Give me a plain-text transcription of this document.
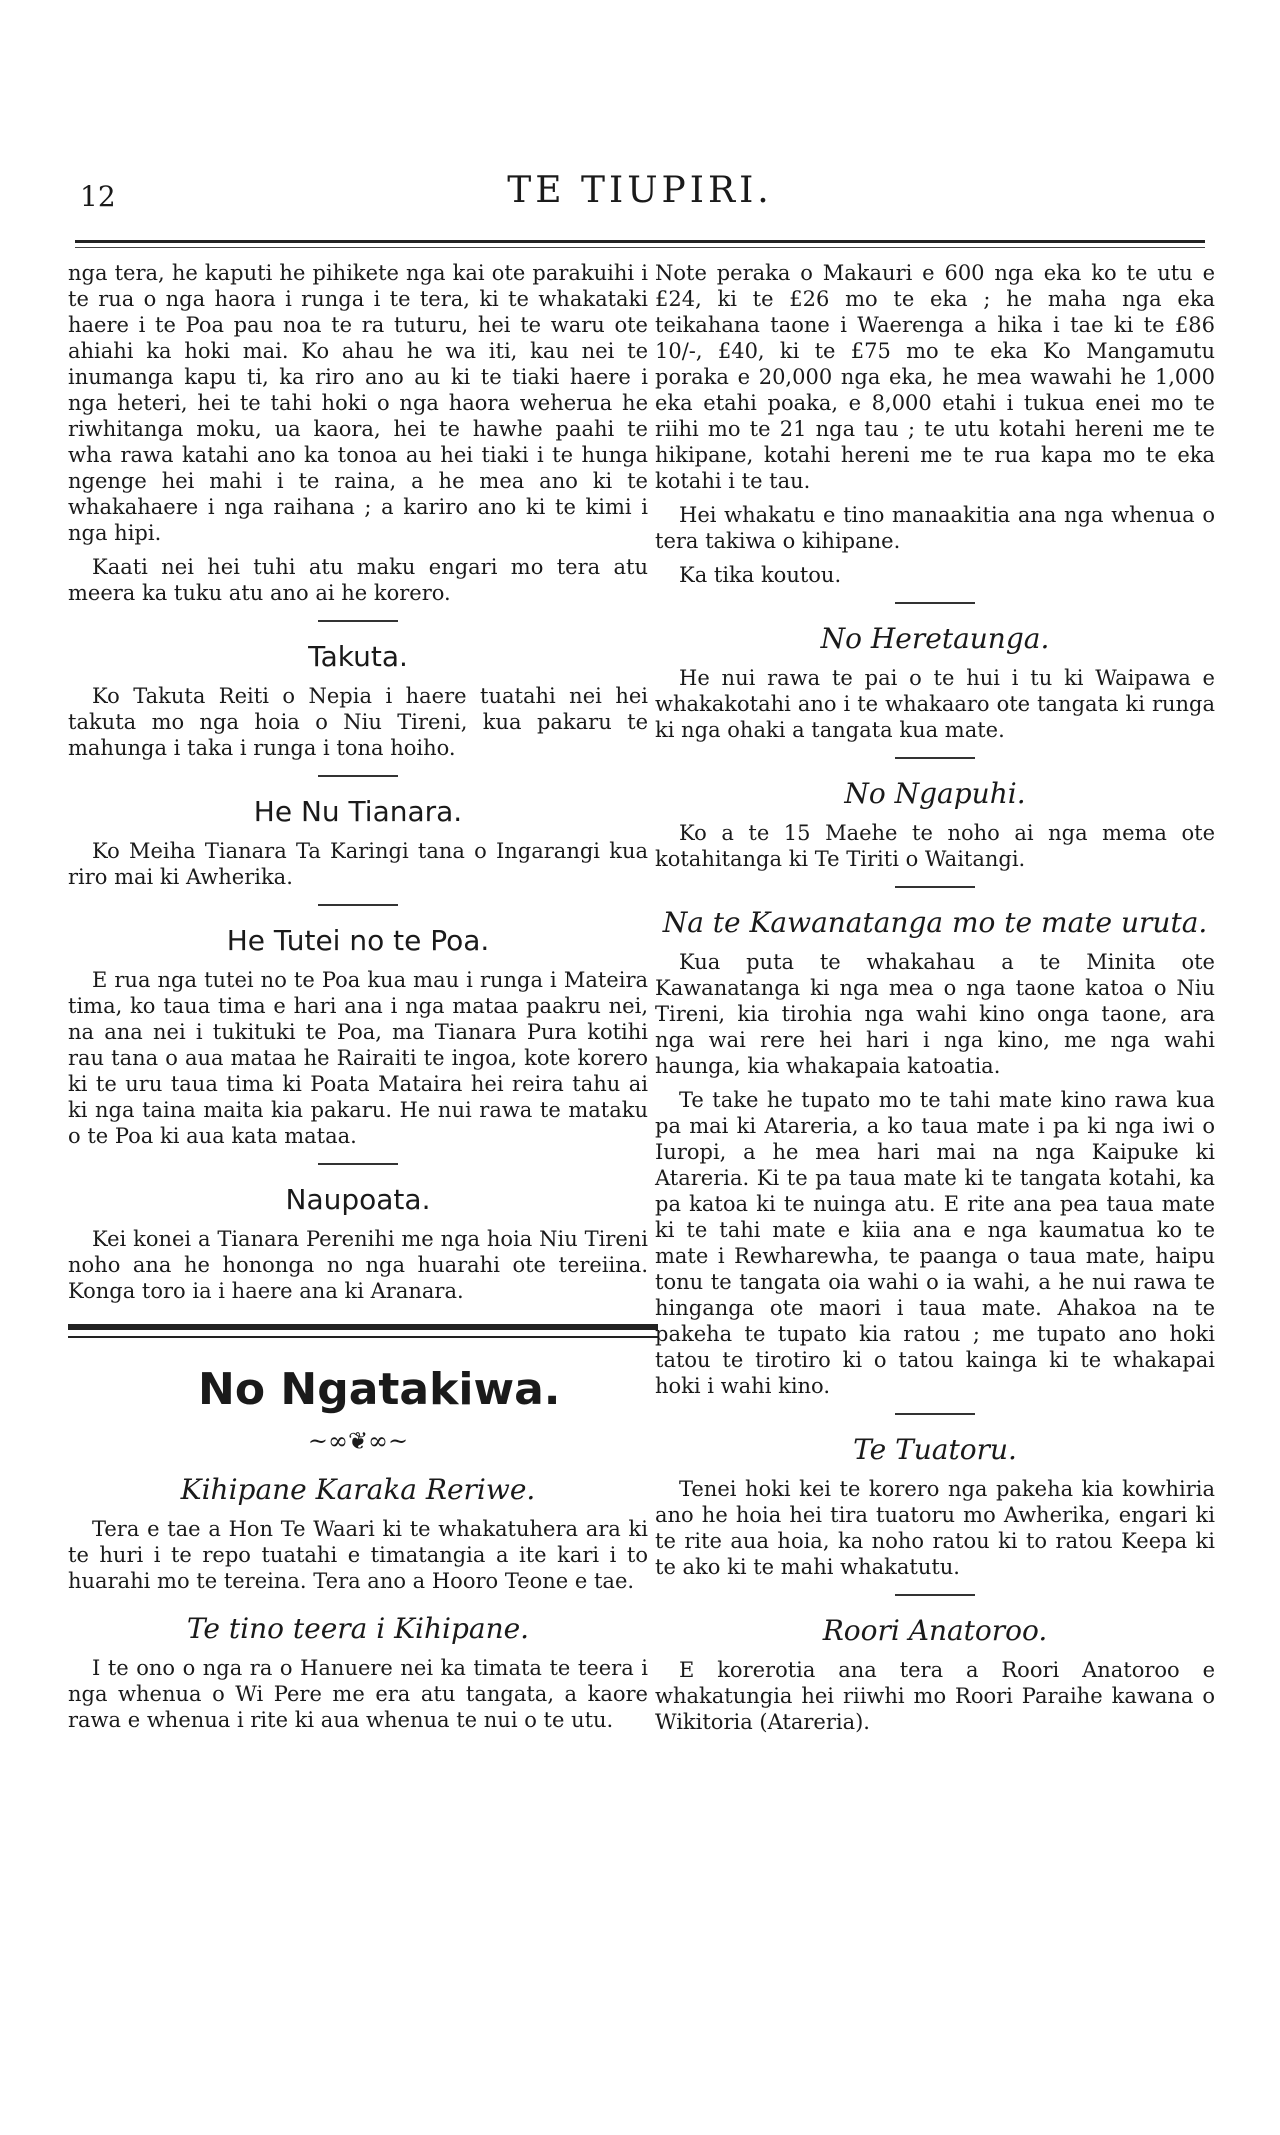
12	TE TIUPIRI.

nga tera, he kaputi he pihikete nga kai ote parakuihi i te rua o nga haora i runga i te tera, ki te whakataki haere i te Poa pau noa te ra tuturu, hei te waru ote ahiahi ka hoki mai. Ko ahau he wa iti, kau nei te inumanga kapu ti, ka riro ano au ki te tiaki haere i nga heteri, hei te tahi hoki o nga haora weherua he riwhitanga moku, ua kaora, hei te hawhe paahi te wha rawa katahi ano ka tonoa au hei tiaki i te hunga ngenge hei mahi i te raina, a he mea ano ki te whakahaere i nga raihana ; a kariro ano ki te kimi i nga hipi.

Kaati nei hei tuhi atu maku engari mo tera atu meera ka tuku atu ano ai he korero.

Takuta.

Ko Takuta Reiti o Nepia i haere tuatahi nei hei takuta mo nga hoia o Niu Tireni, kua pakaru te mahunga i taka i runga i tona hoiho.

He Nu Tianara.

Ko Meiha Tianara Ta Karingi tana o Ingarangi kua riro mai ki Awherika.

He Tutei no te Poa.

E rua nga tutei no te Poa kua mau i runga i Mateira tima, ko taua tima e hari ana i nga mataa paakru nei, na ana nei i tukituki te Poa, ma Tianara Pura kotihi rau tana o aua mataa he Rairaiti te ingoa, kote korero ki te uru taua tima ki Poata Mataira hei reira tahu ai ki nga taina maita kia pakaru. He nui rawa te mataku o te Poa ki aua kata mataa.

Naupoata.

Kei konei a Tianara Perenihi me nga hoia Niu Tireni noho ana he hononga no nga huarahi ote tereiina. Konga toro ia i haere ana ki Aranara.

No Ngatakiwa.
~∞❦∞~
Kihipane Karaka Reriwe.

Tera e tae a Hon Te Waari ki te whakatuhera ara ki te huri i te repo tuatahi e timatangia a ite kari i to huarahi mo te tereina. Tera ano a Hooro Teone e tae.

Te tino teera i Kihipane.

I te ono o nga ra o Hanuere nei ka timata te teera i nga whenua o Wi Pere me era atu tangata, a kaore rawa e whenua i rite ki aua whenua te nui o te utu.

Note peraka o Makauri e 600 nga eka ko te utu e £24, ki te £26 mo te eka ; he maha nga eka teikahana taone i Waerenga a hika i tae ki te £86 10/-, £40, ki te £75 mo te eka Ko Mangamutu poraka e 20,000 nga eka, he mea wawahi he 1,000 eka etahi poaka, e 8,000 etahi i tukua enei mo te riihi mo te 21 nga tau ; te utu kotahi hereni me te hikipane, kotahi hereni me te rua kapa mo te eka kotahi i te tau.

Hei whakatu e tino manaakitia ana nga whenua o tera takiwa o kihipane.

Ka tika koutou.

No Heretaunga.

He nui rawa te pai o te hui i tu ki Waipawa e whakakotahi ano i te whakaaro ote tangata ki runga ki nga ohaki a tangata kua mate.

No Ngapuhi.

Ko a te 15 Maehe te noho ai nga mema ote kotahitanga ki Te Tiriti o Waitangi.

Na te Kawanatanga mo te mate uruta.

Kua puta te whakahau a te Minita ote Kawanatanga ki nga mea o nga taone katoa o Niu Tireni, kia tirohia nga wahi kino onga taone, ara nga wai rere hei hari i nga kino, me nga wahi haunga, kia whakapaia katoatia.

Te take he tupato mo te tahi mate kino rawa kua pa mai ki Atareria, a ko taua mate i pa ki nga iwi o Iuropi, a he mea hari mai na nga Kaipuke ki Atareria. Ki te pa taua mate ki te tangata kotahi, ka pa katoa ki te nuinga atu. E rite ana pea taua mate ki te tahi mate e kiia ana e nga kaumatua ko te mate i Rewharewha, te paanga o taua mate, haipu tonu te tangata oia wahi o ia wahi, a he nui rawa te hinganga ote maori i taua mate. Ahakoa na te pakeha te tupato kia ratou ; me tupato ano hoki tatou te tirotiro ki o tatou kainga ki te whakapai hoki i wahi kino.

Te Tuatoru.

Tenei hoki kei te korero nga pakeha kia kowhiria ano he hoia hei tira tuatoru mo Awherika, engari ki te rite aua hoia, ka noho ratou ki to ratou Keepa ki te ako ki te mahi whakatutu.

Roori Anatoroo.

E korerotia ana tera a Roori Anatoroo e whakatungia hei riiwhi mo Roori Paraihe kawana o Wikitoria (Atareria).
